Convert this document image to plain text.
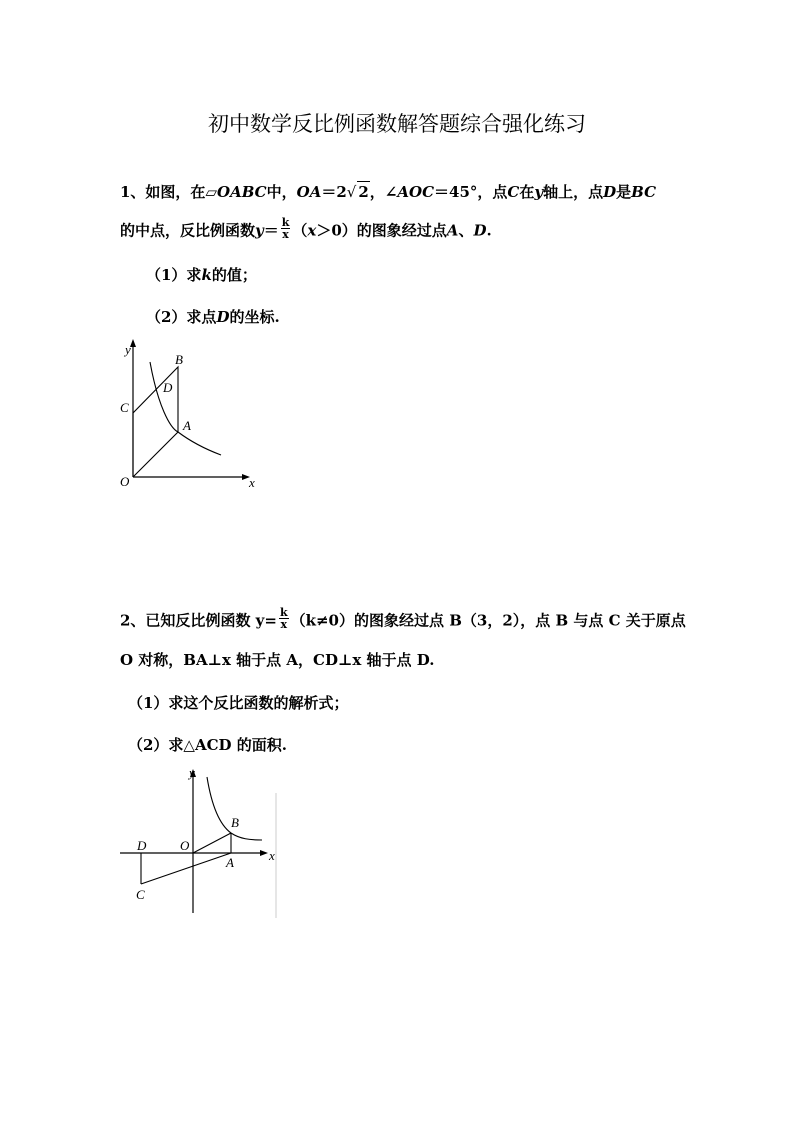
初中数学反比例函数解答题综合强化练习
1、如图，在▱OABC中，OA＝2√ 2，∠AOC＝45°，点C在y轴上，点D是BC
的中点，反比例函数$y= \frac{k}{x} (x>0)$的图象经过点A、D.
（1）求k的值；
（2）求点D的坐标.
y
x
O
B
C
D
A
2、已知反比例函数 $y= \frac{k}{x} (k\ne 0)$的图象经过点 B（3，2），点 B 与点 C 关于原点
O 对称，BA⊥x 轴于点 A，CD⊥x 轴于点 D.
（1）求这个反比函数的解析式；
（2）求△ACD 的面积.
y
x
O
B
A
D
C
